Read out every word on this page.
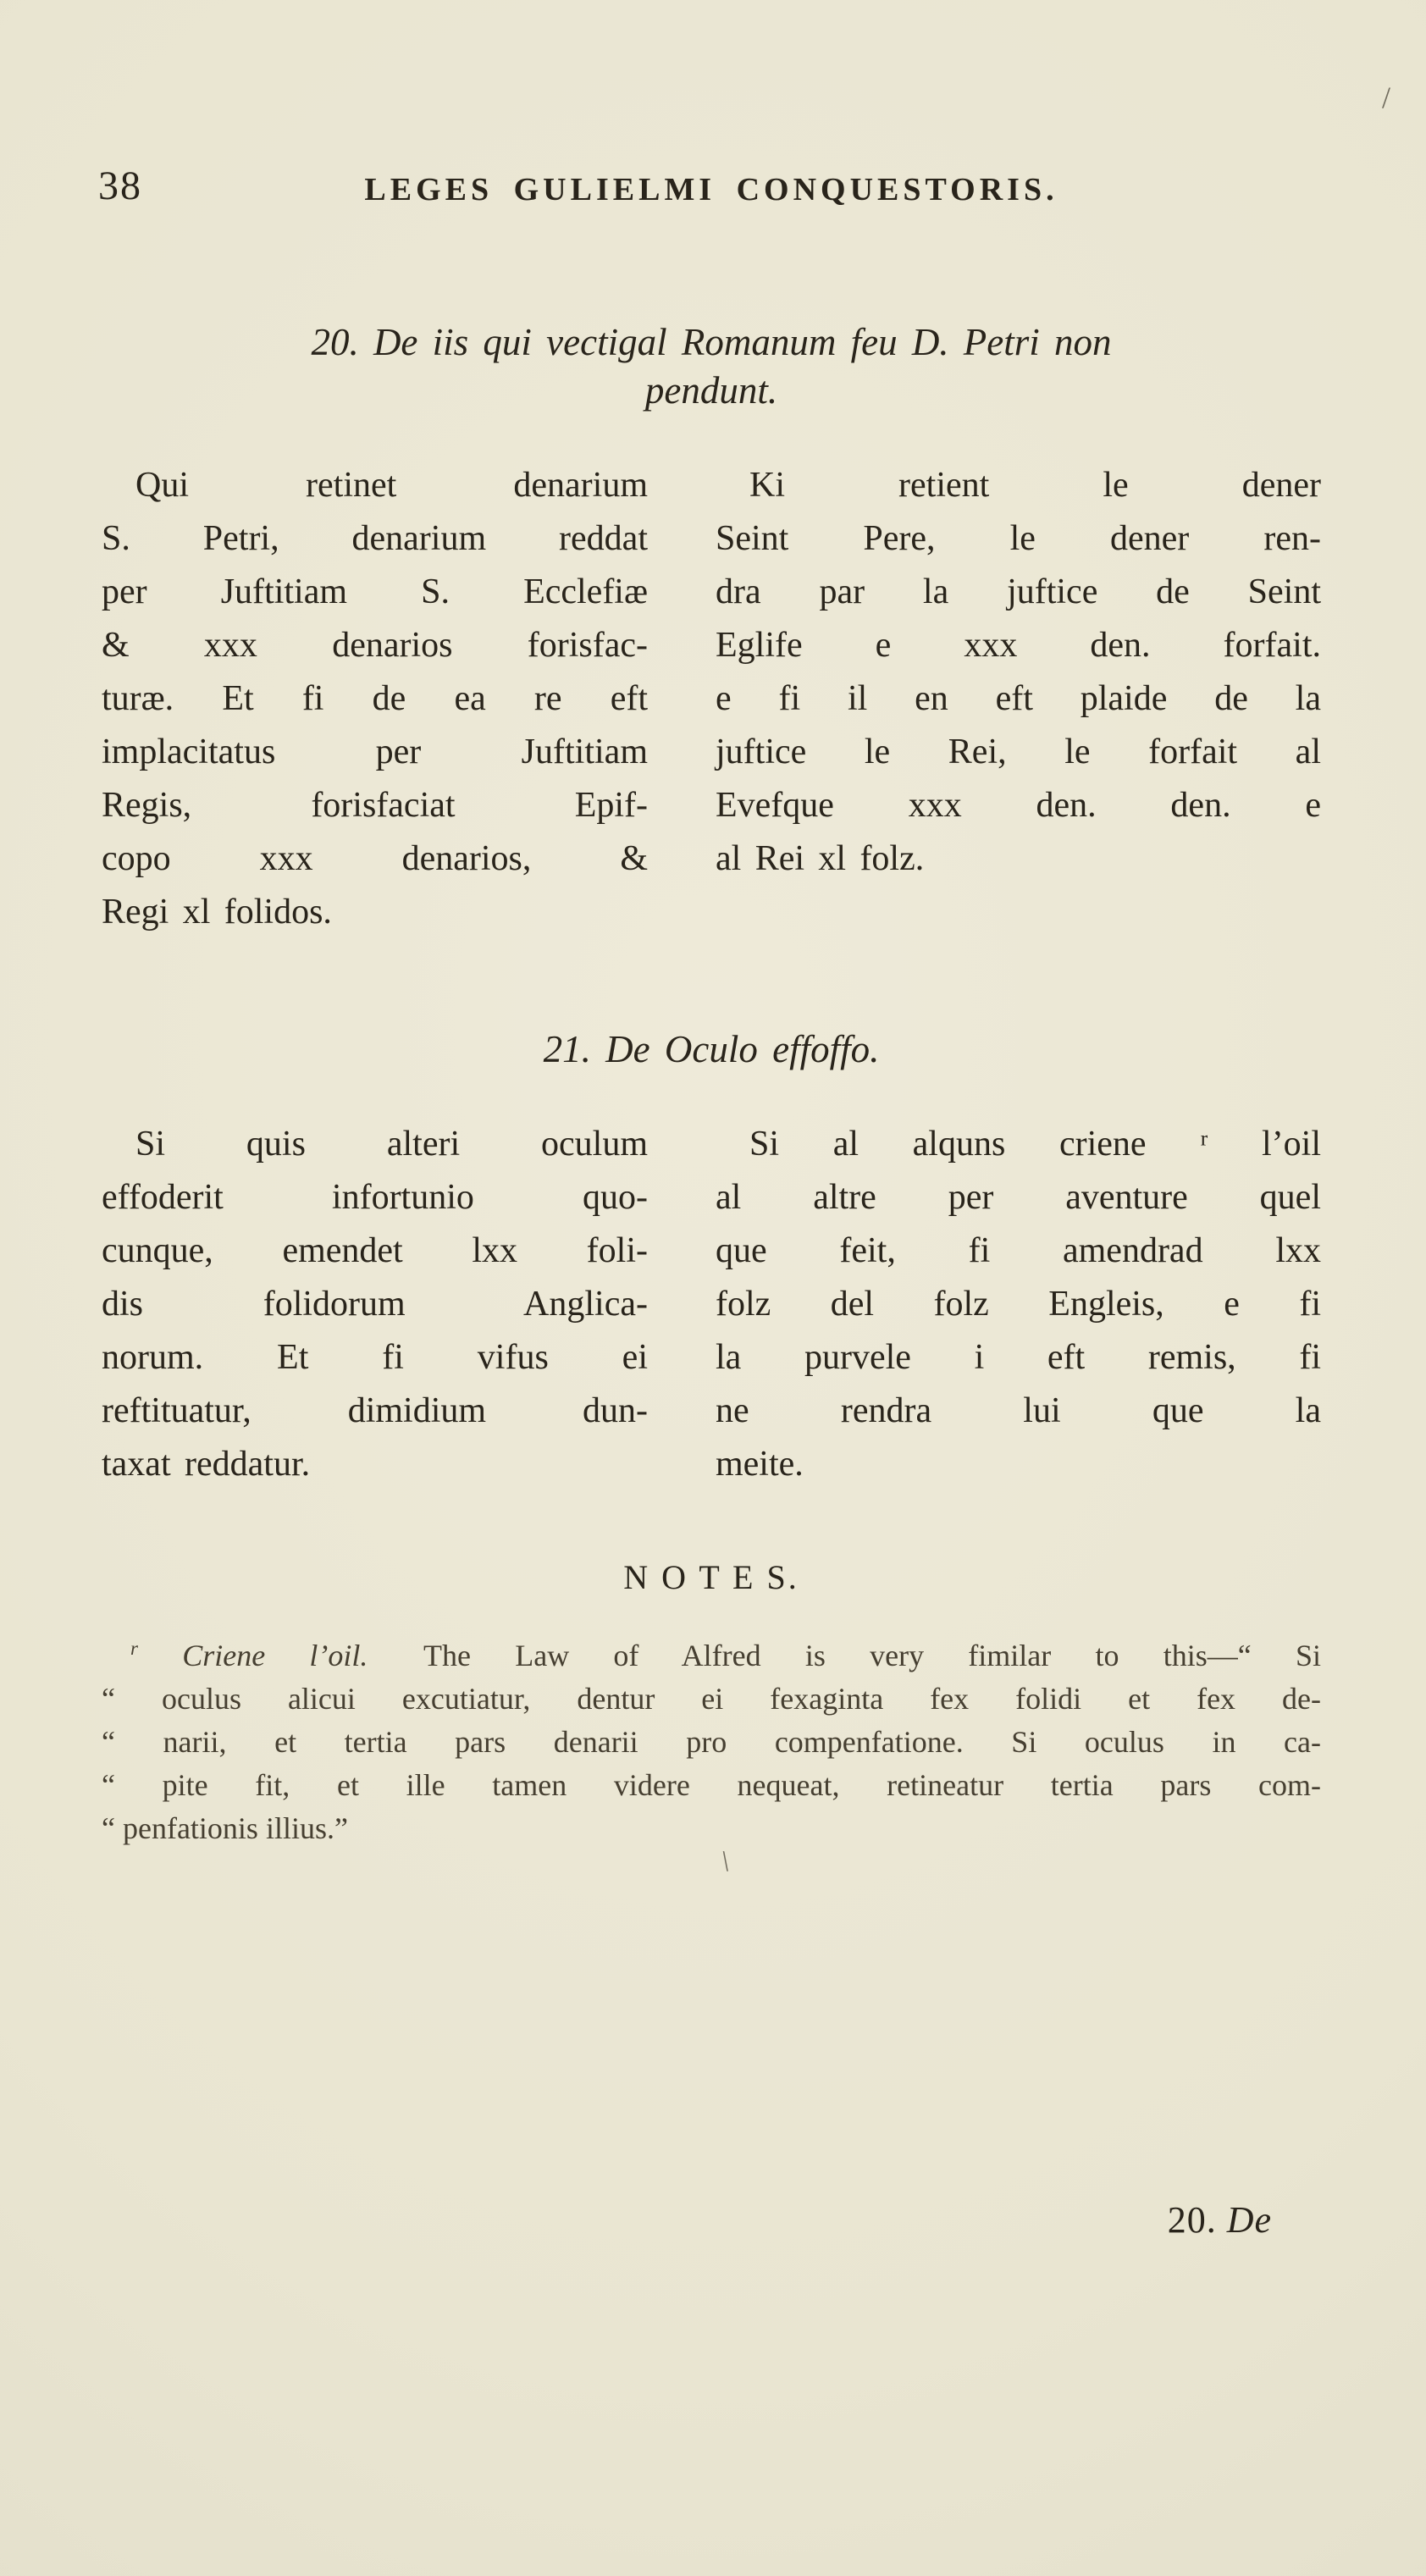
38	LEGES GULIELMI CONQUESTORIS.
20. De iis qui vectigal Romanum feu D. Petri non
pendunt.
Qui retinet denarium
S. Petri, denarium reddat
per Juftitiam S. Ecclefiæ
& xxx denarios forisfac-
turæ. Et fi de ea re eft
implacitatus per Juftitiam
Regis, forisfaciat Epif-
copo xxx denarios, &
Regi xl folidos.
Ki retient le dener
Seint Pere, le dener ren-
dra par la juftice de Seint
Eglife e xxx den. forfait.
e fi il en eft plaide de la
juftice le Rei, le forfait al
Evefque xxx den. den. e
al Rei xl folz.
21. De Oculo effoffo.
Si quis alteri oculum
effoderit infortunio quo-
cunque, emendet lxx foli-
dis folidorum Anglica-
norum. Et fi vifus ei
reftituatur, dimidium dun-
taxat reddatur.
Si al alquns criene ʳ l’oil
al altre per aventure quel
que feit, fi amendrad lxx
folz del folz Engleis, e fi
la purvele i eft remis, fi
ne rendra lui que la
meite.
N O T E S.
$^r$ Criene l’oil. The Law of Alfred is very fimilar to this—“ Si
“ oculus alicui excutiatur, dentur ei fexaginta fex folidi et fex de-
“ narii, et tertia pars denarii pro compenfatione. Si oculus in ca-
“ pite fit, et ille tamen videre nequeat, retineatur tertia pars com-
“ penfationis illius.”
20. De
\
/
